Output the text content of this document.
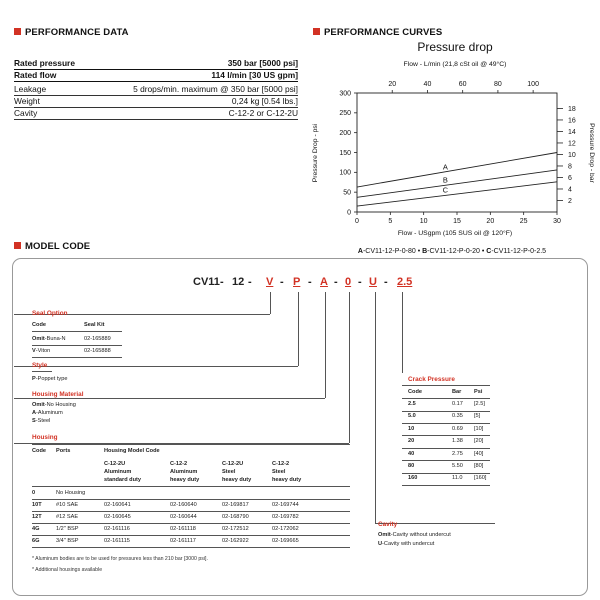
PERFORMANCE DATA
Rated pressure	350 bar [5000 psi]
Rated flow	114 l/min [30 US gpm]
Leakage	5 drops/min. maximum @ 350 bar [5000 psi]
Weight	0,24 kg [0.54 lbs.]
Cavity	C-12-2 or C-12-2U
PERFORMANCE CURVES
Pressure drop
Flow - L/min (21,8 cSt oil @ 49°C)
20	40	60	80	100
0	5	10	15	20	25	30
0
50
100
150
200
250
300
2
4
6
8
10
12
14
16
18
Flow - USgpm (105 SUS oil @ 120°F)
Pressure Drop - psi	Pressure Drop - bar
A
B
C
A-CV11-12-P-0-80 • B-CV11-12-P-0-20 • C-CV11-12-P-0-2.5
MODEL CODE
CV11 - 12 - V - P - A - 0 - U - 2.5
Seal Option
Code	Seal Kit
Omit-Buna-N	02-165889
V-Viton	02-165888
Style
P-Poppet type
Housing Material
Omit-No Housing
A-Aluminum
S-Steel
Housing
Code Ports	Housing Model Code
C-12-2U
Aluminum
standard duty
C-12-2
Aluminum
heavy duty
C-12-2U
Steel
heavy duty
C-12-2
Steel
heavy duty
0	No Housing
10T	#10 SAE	02-160641	02-160640	02-169817	02-169744
12T	#12 SAE	02-160645	02-160644	02-168790	02-169782
4G	1/2" BSP	02-161116	02-161118	02-172512	02-172062
6G	3/4" BSP	02-161115	02-161117	02-162922	02-169665
* Aluminum bodies are to be used for pressures less than 210 bar [3000 psi].
* Additional housings available
Crack Pressure
Code	Bar Psi
2.5	0.17 [2.5]
5.0	0.35 [5]
10	0.69 [10]
20	1.38 [20]
40	2.75 [40]
80	5.50 [80]
160	11.0 [160]
Cavity
Omit-Cavity without undercut
U-Cavity with undercut
